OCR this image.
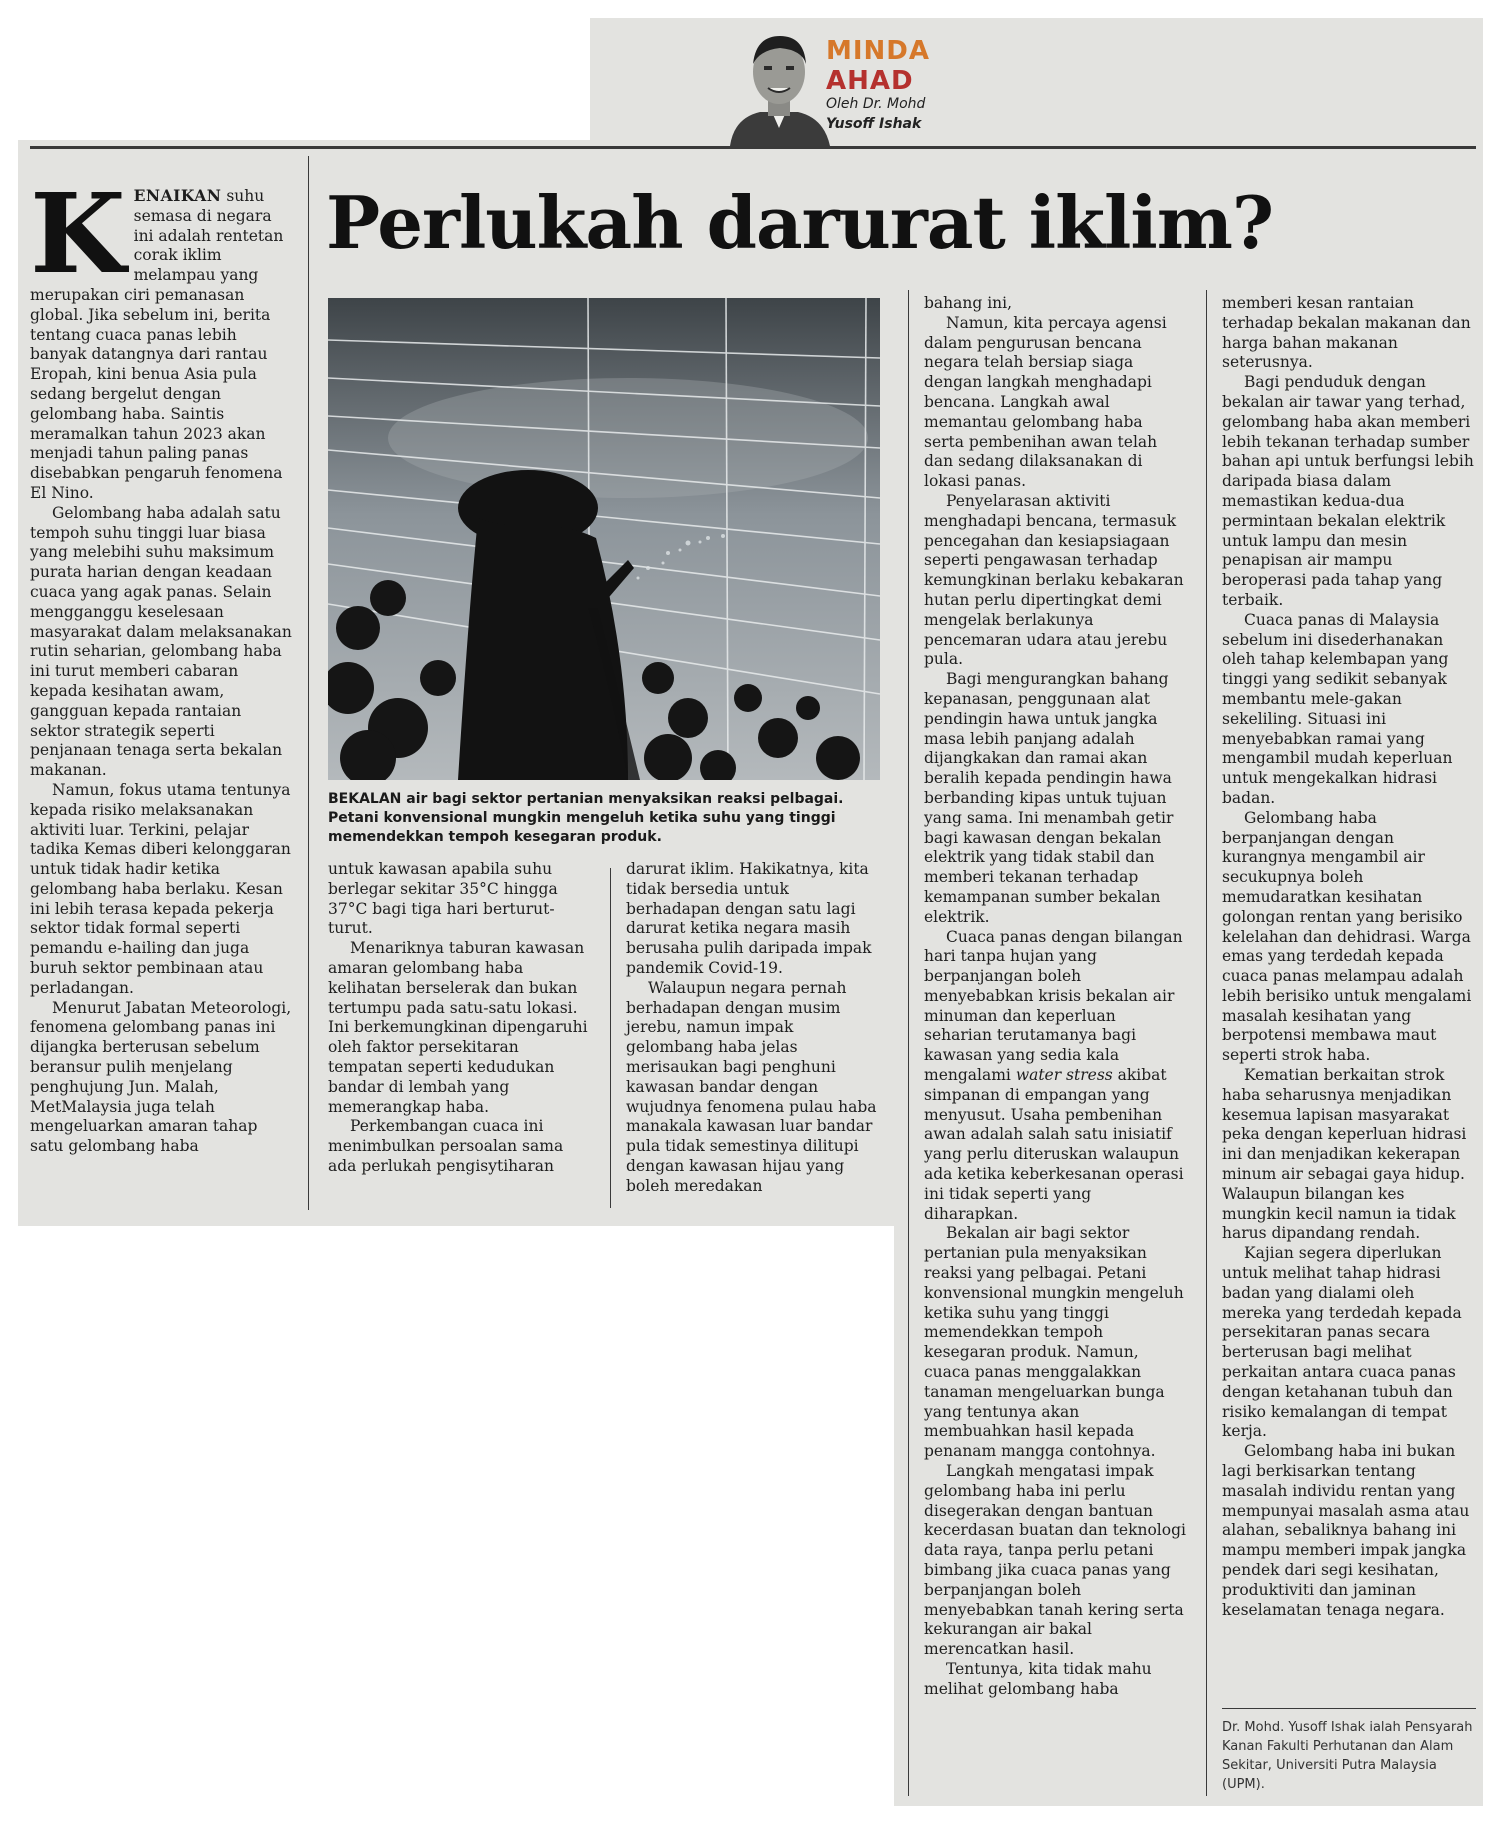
MINDA
AHAD
Oleh Dr. Mohd
Yusoff Ishak
Perlukah darurat iklim?
BEKALAN air bagi sektor pertanian menyaksikan reaksi pelbagai. Petani konvensional mungkin mengeluh ketika suhu yang tinggi memendekkan tempoh kesegaran produk.

KENAIKAN suhu semasa di negara ini adalah rentetan corak iklim melampau yang merupakan ciri pemanasan global. Jika sebelum ini, berita tentang cuaca panas lebih banyak datangnya dari rantau Eropah, kini benua Asia pula sedang bergelut dengan gelombang haba. Saintis meramalkan tahun 2023 akan menjadi tahun paling panas disebabkan pengaruh fenomena El Nino.

Gelombang haba adalah satu tempoh suhu tinggi luar biasa yang melebihi suhu maksimum purata harian dengan keadaan cuaca yang agak panas. Selain mengganggu keselesaan masyarakat dalam melaksanakan rutin seharian, gelombang haba ini turut memberi cabaran kepada kesihatan awam, gangguan kepada rantaian sektor strategik seperti penjanaan tenaga serta bekalan makanan.

Namun, fokus utama tentunya kepada risiko melaksanakan aktiviti luar. Terkini, pelajar tadika Kemas diberi kelonggaran untuk tidak hadir ketika gelombang haba berlaku. Kesan ini lebih terasa kepada pekerja sektor tidak formal seperti pemandu e-hailing dan juga buruh sektor pembinaan atau perladangan.

Menurut Jabatan Meteorologi, fenomena gelombang panas ini dijangka berterusan sebelum beransur pulih menjelang penghujung Jun. Malah, MetMalaysia juga telah mengeluarkan amaran tahap satu gelombang haba

untuk kawasan apabila suhu berlegar sekitar 35°C hingga 37°C bagi tiga hari berturut-turut.

Menariknya taburan kawasan amaran gelombang haba kelihatan berselerak dan bukan tertumpu pada satu-satu lokasi. Ini berkemungkinan dipengaruhi oleh faktor persekitaran tempatan seperti kedudukan bandar di lembah yang memerangkap haba.

Perkembangan cuaca ini menimbulkan persoalan sama ada perlukah pengisytiharan

darurat iklim. Hakikatnya, kita tidak bersedia untuk berhadapan dengan satu lagi darurat ketika negara masih berusaha pulih daripada impak pandemik Covid-19.

Walaupun negara pernah berhadapan dengan musim jerebu, namun impak gelombang haba jelas merisaukan bagi penghuni kawasan bandar dengan wujudnya fenomena pulau haba manakala kawasan luar bandar pula tidak semestinya dilitupi dengan kawasan hijau yang boleh meredakan

bahang ini,

Namun, kita percaya agensi dalam pengurusan bencana negara telah bersiap siaga dengan langkah menghadapi bencana. Langkah awal memantau gelombang haba serta pembenihan awan telah dan sedang dilaksanakan di lokasi panas.

Penyelarasan aktiviti menghadapi bencana, termasuk pencegahan dan kesiapsiagaan seperti pengawasan terhadap kemungkinan berlaku kebakaran hutan perlu dipertingkat demi mengelak berlakunya pencemaran udara atau jerebu pula.

Bagi mengurangkan bahang kepanasan, penggunaan alat pendingin hawa untuk jangka masa lebih panjang adalah dijangkakan dan ramai akan beralih kepada pendingin hawa berbanding kipas untuk tujuan yang sama. Ini menambah getir bagi kawasan dengan bekalan elektrik yang tidak stabil dan memberi tekanan terhadap kemampanan sumber bekalan elektrik.

Cuaca panas dengan bilangan hari tanpa hujan yang berpanjangan boleh menyebabkan krisis bekalan air minuman dan keperluan seharian terutamanya bagi kawasan yang sedia kala mengalami water stress akibat simpanan di empangan yang menyusut. Usaha pembenihan awan adalah salah satu inisiatif yang perlu diteruskan walaupun ada ketika keberkesanan operasi ini tidak seperti yang diharapkan.

Bekalan air bagi sektor pertanian pula menyaksikan reaksi yang pelbagai. Petani konvensional mungkin mengeluh ketika suhu yang tinggi memendekkan tempoh kesegaran produk. Namun, cuaca panas menggalakkan tanaman mengeluarkan bunga yang tentunya akan membuahkan hasil kepada penanam mangga contohnya.

Langkah mengatasi impak gelombang haba ini perlu disegerakan dengan bantuan kecerdasan buatan dan teknologi data raya, tanpa perlu petani bimbang jika cuaca panas yang berpanjangan boleh menyebabkan tanah kering serta kekurangan air bakal merencatkan hasil.

Tentunya, kita tidak mahu melihat gelombang haba

memberi kesan rantaian terhadap bekalan makanan dan harga bahan makanan seterusnya.

Bagi penduduk dengan bekalan air tawar yang terhad, gelombang haba akan memberi lebih tekanan terhadap sumber bahan api untuk berfungsi lebih daripada biasa dalam memastikan kedua-dua permintaan bekalan elektrik untuk lampu dan mesin penapisan air mampu beroperasi pada tahap yang terbaik.

Cuaca panas di Malaysia sebelum ini disederhanakan oleh tahap kelembapan yang tinggi yang sedikit sebanyak membantu mele-gakan sekeliling. Situasi ini menyebabkan ramai yang mengambil mudah keperluan untuk mengekalkan hidrasi badan.

Gelombang haba berpanjangan dengan kurangnya mengambil air secukupnya boleh memudaratkan kesihatan golongan rentan yang berisiko kelelahan dan dehidrasi. Warga emas yang terdedah kepada cuaca panas melampau adalah lebih berisiko untuk mengalami masalah kesihatan yang berpotensi membawa maut seperti strok haba.

Kematian berkaitan strok haba seharusnya menjadikan kesemua lapisan masyarakat peka dengan keperluan hidrasi ini dan menjadikan kekerapan minum air sebagai gaya hidup. Walaupun bilangan kes mungkin kecil namun ia tidak harus dipandang rendah.

Kajian segera diperlukan untuk melihat tahap hidrasi badan yang dialami oleh mereka yang terdedah kepada persekitaran panas secara berterusan bagi melihat perkaitan antara cuaca panas dengan ketahanan tubuh dan risiko kemalangan di tempat kerja.

Gelombang haba ini bukan lagi berkisarkan tentang masalah individu rentan yang mempunyai masalah asma atau alahan, sebaliknya bahang ini mampu memberi impak jangka pendek dari segi kesihatan, produktiviti dan jaminan keselamatan tenaga negara.

Dr. Mohd. Yusoff Ishak ialah Pensyarah Kanan Fakulti Perhutanan dan Alam Sekitar, Universiti Putra Malaysia (UPM).
